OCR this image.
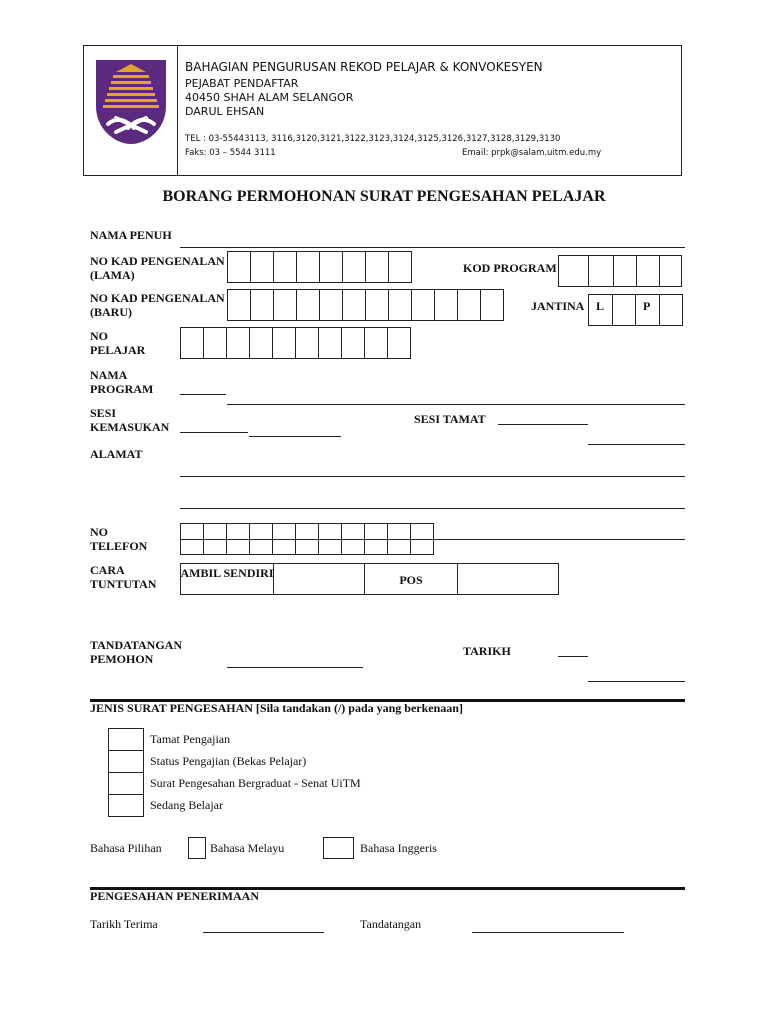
BAHAGIAN PENGURUSAN REKOD PELAJAR & KONVOKESYEN
PEJABAT PENDAFTAR
40450 SHAH ALAM SELANGOR
DARUL EHSAN
TEL : 03-55443113, 3116,3120,3121,3122,3123,3124,3125,3126,3127,3128,3129,3130
Faks: 03 – 5544 3111	Email: prpk@salam.uitm.edu.my
BORANG PERMOHONAN SURAT PENGESAHAN PELAJAR
NAMA PENUH
NO KAD PENGENALAN (LAMA)	KOD PROGRAM
NO KAD PENGENALAN (BARU)	JANTINA L	P
NO PELAJAR
NAMA PROGRAM
SESI KEMASUKAN
SESI TAMAT
ALAMAT
NO TELEFON
CARA TUNTUTAN
AMBIL SENDIRI	POS
TANDATANGAN PEMOHON
TARIKH
JENIS SURAT PENGESAHAN [Sila tandakan (/) pada yang berkenaan]
Tamat Pengajian
Status Pengajian (Bekas Pelajar)
Surat Pengesahan Bergraduat - Senat UiTM
Sedang Belajar
Bahasa Pilihan	Bahasa Melayu	Bahasa Inggeris
PENGESAHAN PENERIMAAN
Tarikh Terima	Tandatangan
